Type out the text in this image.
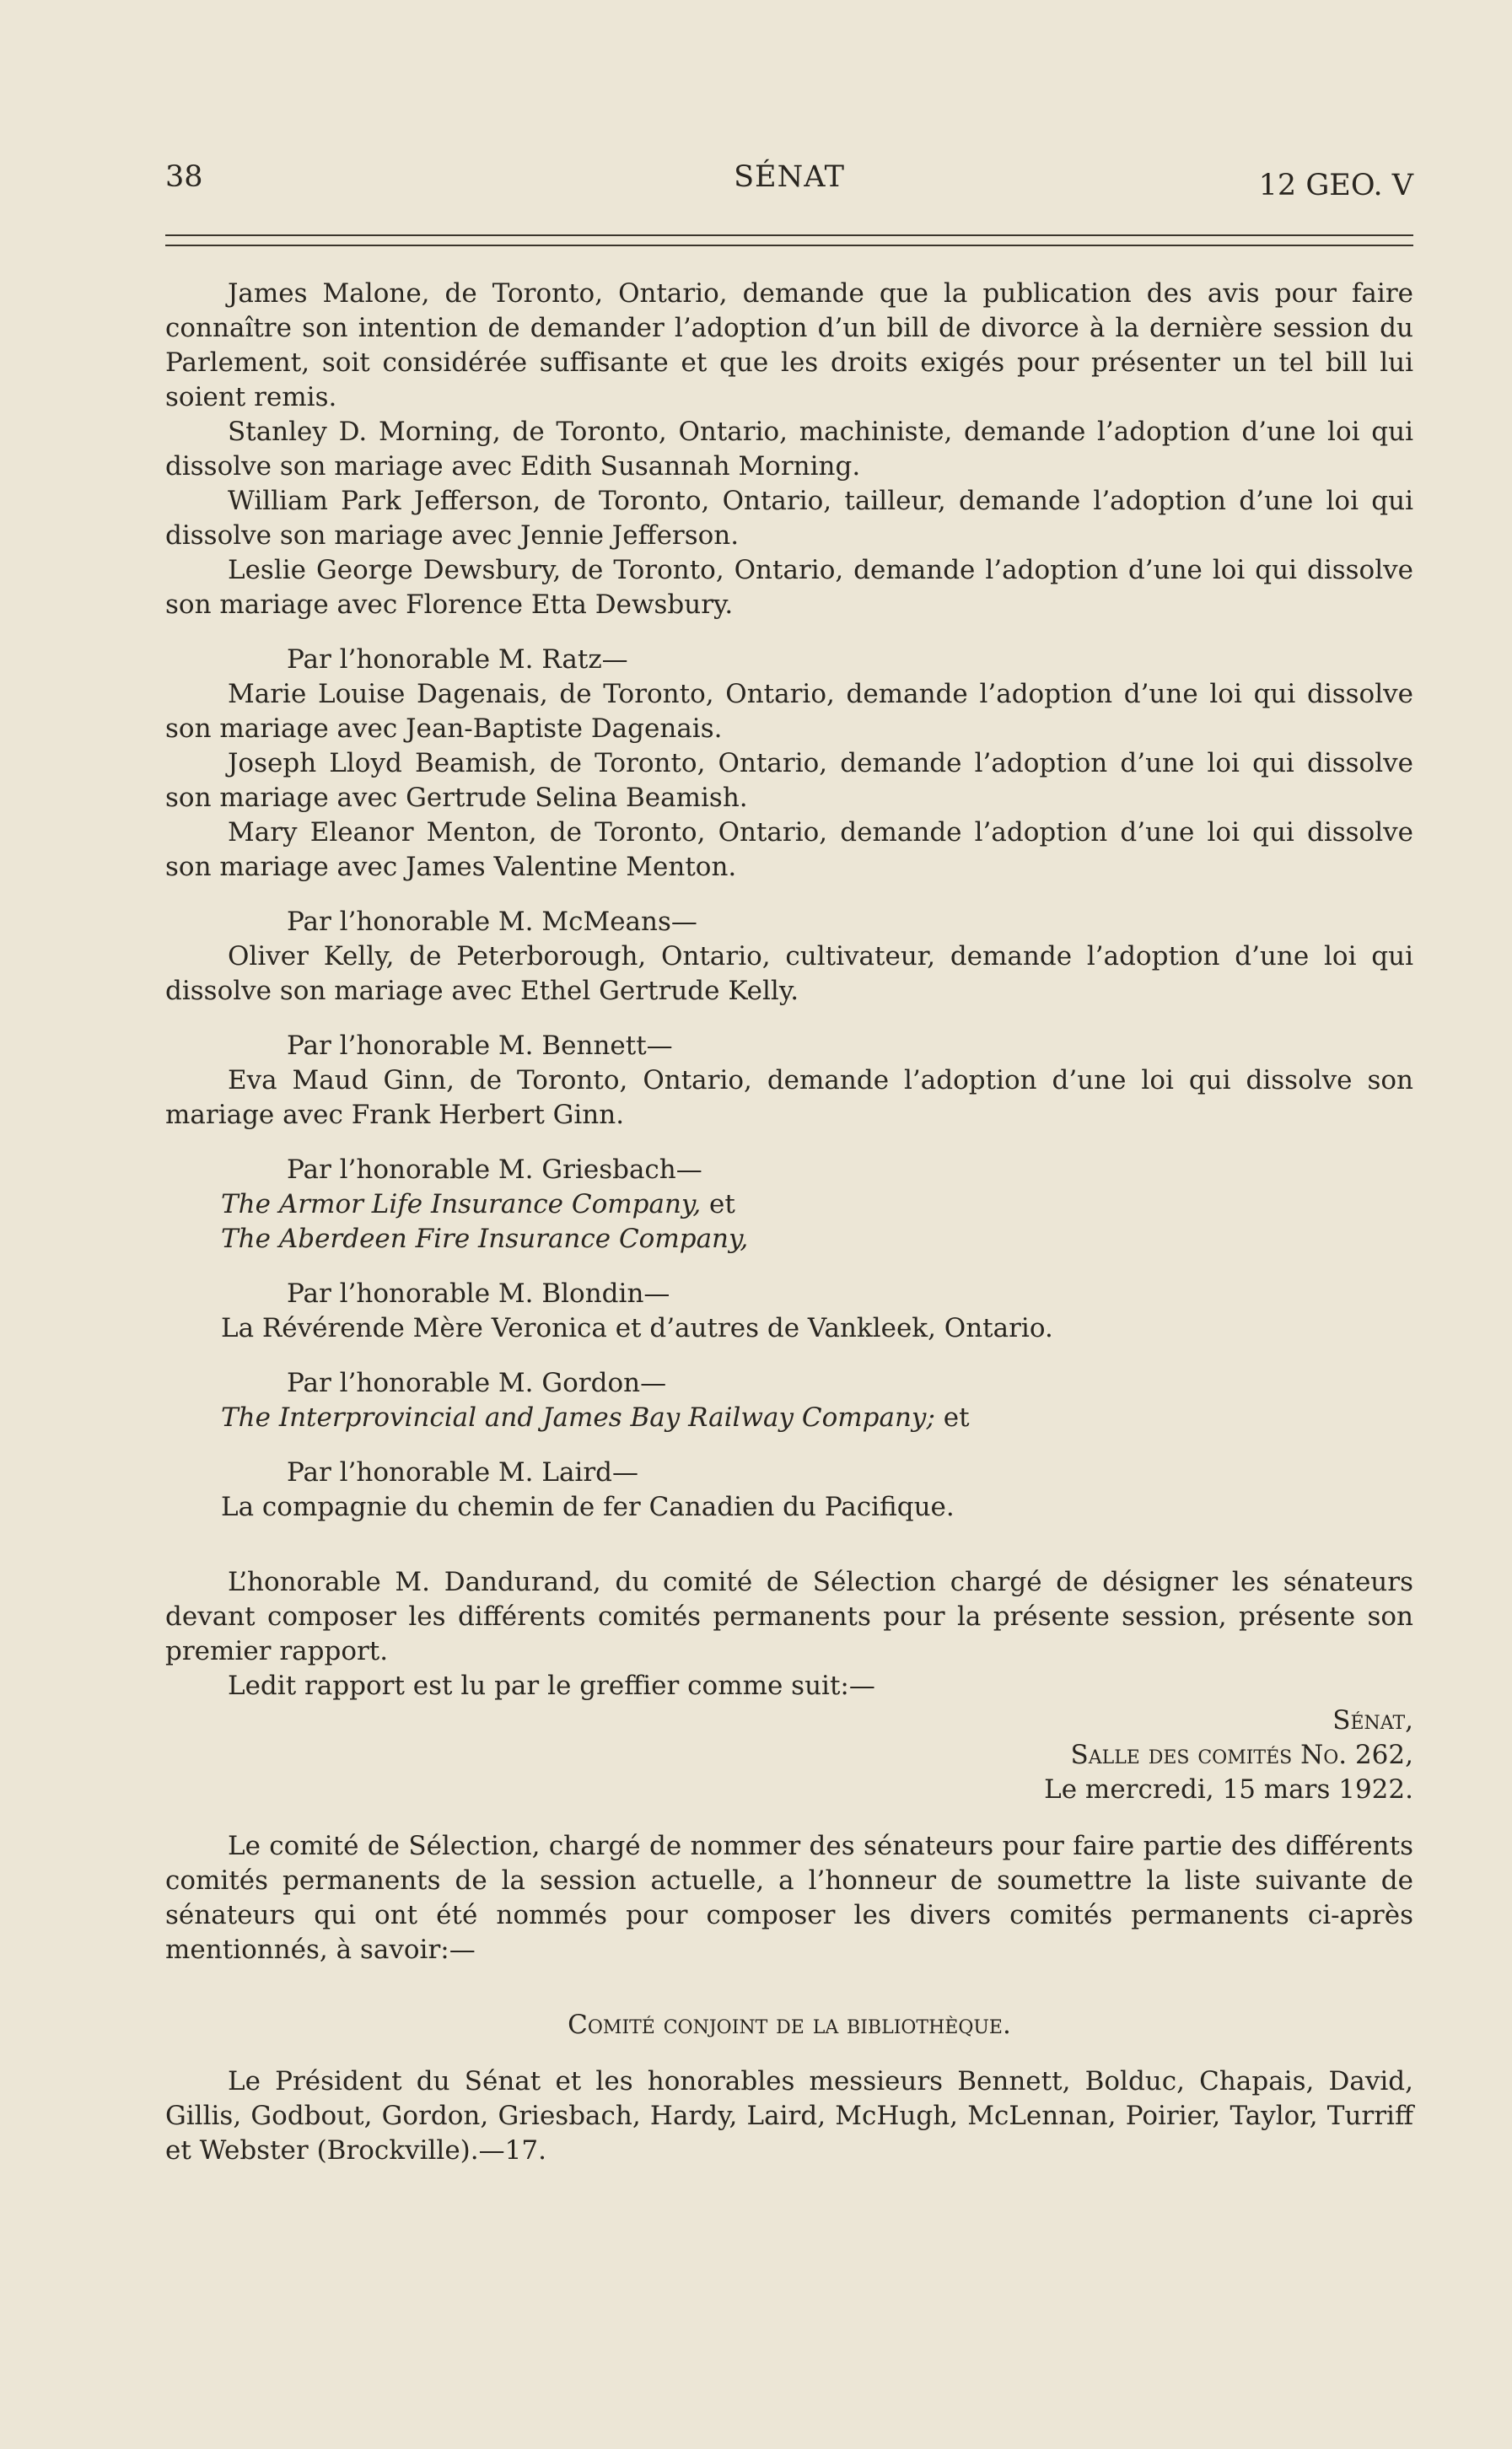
38	SÉNAT	12 GEO. V

James Malone, de Toronto, Ontario, demande que la publication des avis pour faire connaître son intention de demander l’adoption d’un bill de divorce à la dernière session du Parlement, soit considérée suffisante et que les droits exigés pour présenter un tel bill lui soient remis.

Stanley D. Morning, de Toronto, Ontario, machiniste, demande l’adoption d’une loi qui dissolve son mariage avec Edith Susannah Morning.

William Park Jefferson, de Toronto, Ontario, tailleur, demande l’adoption d’une loi qui dissolve son mariage avec Jennie Jefferson.

Leslie George Dewsbury, de Toronto, Ontario, demande l’adoption d’une loi qui dissolve son mariage avec Florence Etta Dewsbury.

Par l’honorable M. Ratz—

Marie Louise Dagenais, de Toronto, Ontario, demande l’adoption d’une loi qui dissolve son mariage avec Jean-Baptiste Dagenais.

Joseph Lloyd Beamish, de Toronto, Ontario, demande l’adoption d’une loi qui dissolve son mariage avec Gertrude Selina Beamish.

Mary Eleanor Menton, de Toronto, Ontario, demande l’adoption d’une loi qui dissolve son mariage avec James Valentine Menton.

Par l’honorable M. McMeans—

Oliver Kelly, de Peterborough, Ontario, cultivateur, demande l’adoption d’une loi qui dissolve son mariage avec Ethel Gertrude Kelly.

Par l’honorable M. Bennett—

Eva Maud Ginn, de Toronto, Ontario, demande l’adoption d’une loi qui dissolve son mariage avec Frank Herbert Ginn.

Par l’honorable M. Griesbach—

The Armor Life Insurance Company, et

The Aberdeen Fire Insurance Company,

Par l’honorable M. Blondin—

La Révérende Mère Veronica et d’autres de Vankleek, Ontario.

Par l’honorable M. Gordon—

The Interprovincial and James Bay Railway Company; et

Par l’honorable M. Laird—

La compagnie du chemin de fer Canadien du Pacifique.

L’honorable M. Dandurand, du comité de Sélection chargé de désigner les sénateurs devant composer les différents comités permanents pour la présente session, présente son premier rapport.

Ledit rapport est lu par le greffier comme suit:—

Sénat,

Salle des comités No. 262,

Le mercredi, 15 mars 1922.

Le comité de Sélection, chargé de nommer des sénateurs pour faire partie des différents comités permanents de la session actuelle, a l’honneur de soumettre la liste suivante de sénateurs qui ont été nommés pour composer les divers comités permanents ci-après mentionnés, à savoir:—

Comité conjoint de la bibliothèque.

Le Président du Sénat et les honorables messieurs Bennett, Bolduc, Chapais, David, Gillis, Godbout, Gordon, Griesbach, Hardy, Laird, McHugh, McLennan, Poirier, Taylor, Turriff et Webster (Brockville).—17.
